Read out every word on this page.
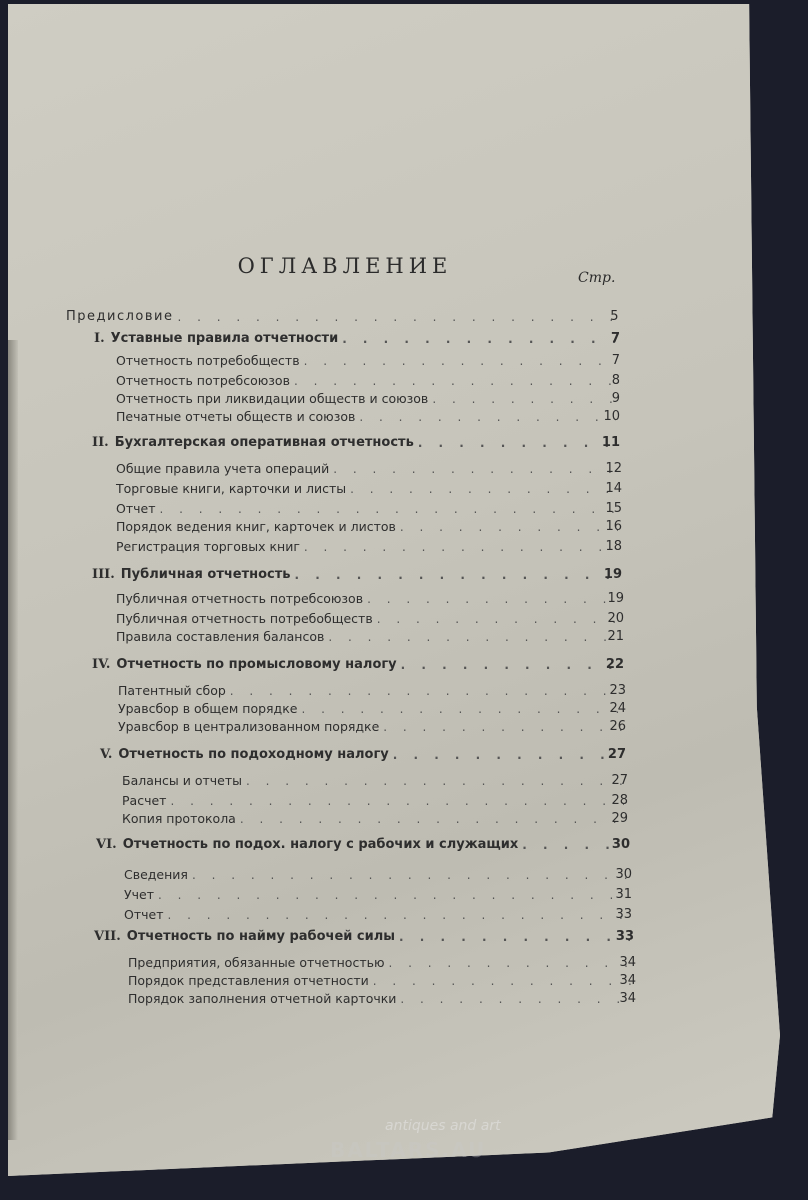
ОГЛАВЛЕНИЕ	Стр.
Предисловие . . .	5
I. Уставные правила отчетности . . .	7
Отчетность потребобществ . . .	7
Отчетность потребсоюзов . . .	8
Отчетность при ликвидации обществ и союзов . . .	9
Печатные отчеты обществ и союзов . . .	10
II. Бухгалтерская оперативная отчетность . . .	11
Общие правила учета операций . . .	12
Торговые книги, карточки и листы . . .	14
Отчет . . .	15
Порядок ведения книг, карточек и листов . . .	16
Регистрация торговых книг . . .	18
III. Публичная отчетность . . .	19
Публичная отчетность потребсоюзов . . .	19
Публичная отчетность потребобществ . . .	20
Правила составления балансов . . .	21
IV. Отчетность по промысловому налогу . . .	22
Патентный сбор . . .	23
Уравсбор в общем порядке . . .	24
Уравсбор в централизованном порядке . . .	26
V. Отчетность по подоходному налогу . . .	27
Балансы и отчеты . . .	27
Расчет . . .	28
Копия протокола . . .	29
VI. Отчетность по подох. налогу с рабочих и служащих . . .	30
Сведения . . .	30
Учет . . .	31
Отчет . . .	33
VII. Отчетность по найму рабочей силы . . .	33
Предприятия, обязанные отчетностью . . .	34
Порядок представления отчетности . . .	34
Порядок заполнения отчетной карточки . . .	34
antiques and art
BALTARS.AU
